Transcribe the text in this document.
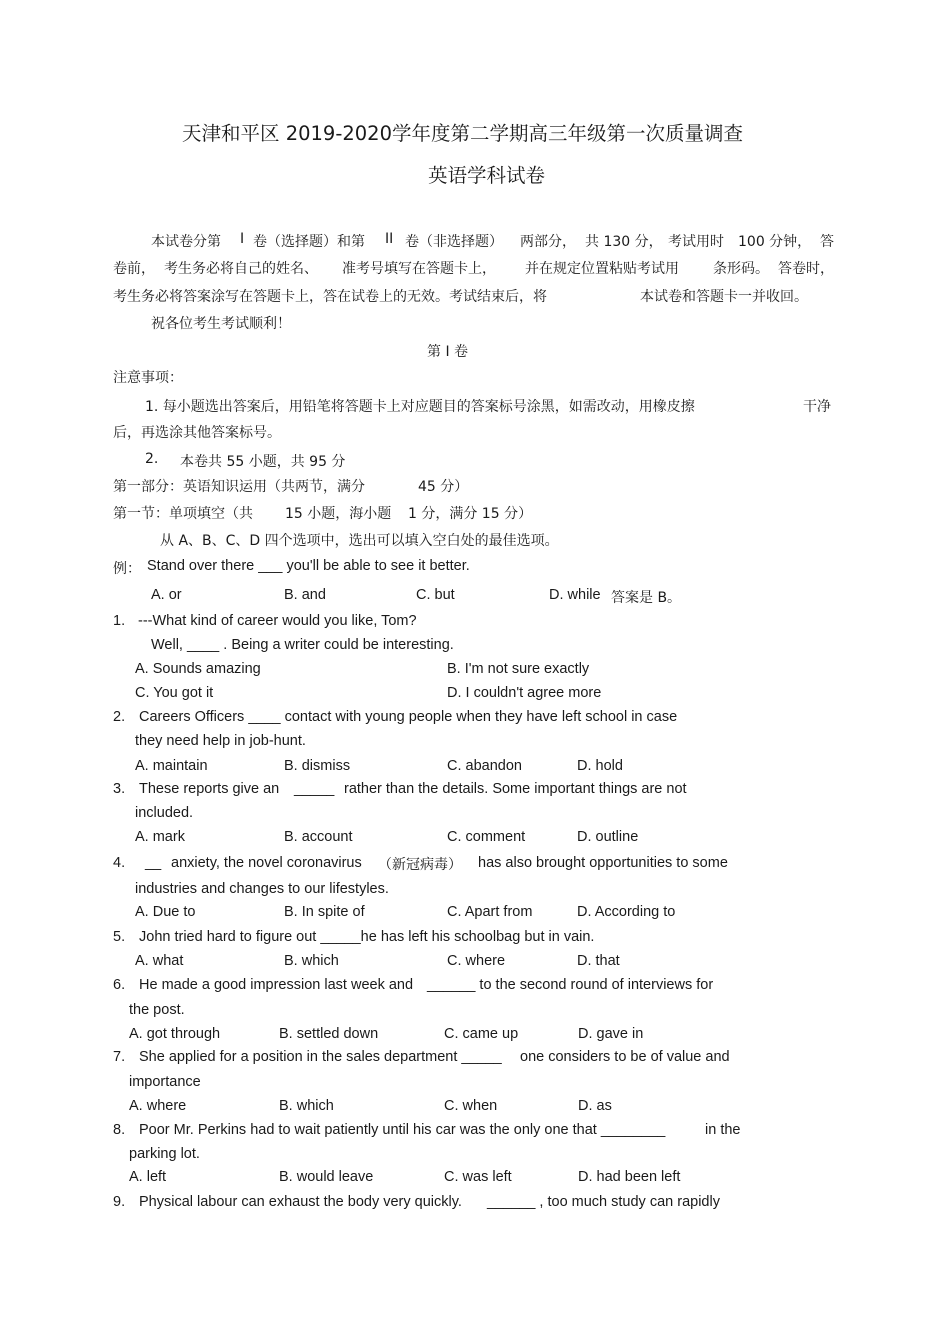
天津和平区 2019-2020学年度第二学期高三年级第一次质量调查
英语学科试卷
本试卷分第 I 卷（选择题）和第 II 卷（非选择题） 两部分， 共 130 分， 考试用时 100 分钟， 答
卷前， 考生务必将自己的姓名、 准考号填写在答题卡上， 并在规定位置粘贴考试用 条形码。 答卷时，
考生务必将答案涂写在答题卡上，答在试卷上的无效。考试结束后，将	本试卷和答题卡一并收回。
祝各位考生考试顺利！
第 I 卷
注意事项：
1. 每小题选出答案后，用铅笔将答题卡上对应题目的答案标号涂黑，如需改动，用橡皮擦	干净
后，再选涂其他答案标号。
2. 本卷共 55 小题，共 95 分
第一部分：英语知识运用（共两节，满分	45 分）
第一节：单项填空（共 15 小题，海小题 1 分，满分 15 分）
从 A、B、C、D 四个选项中，选出可以填入空白处的最佳选项。
例： Stand over there ___ you'll be able to see it better.
A. or	B. and	C. but	D. while 答案是 B。
1. ---What kind of career would you like, Tom?
Well, ____ . Being a writer could be interesting.
A. Sounds amazing	B. I'm not sure exactly
C. You got it	D. I couldn't agree more
2. Careers Officers ____ contact with young people when they have left school in case
they need help in job-hunt.
A. maintain	B. dismiss	C. abandon	D. hold
3. These reports give an _____ rather than the details. Some important things are not
included.
A. mark	B. account	C. comment	D. outline
4. __ anxiety, the novel coronavirus （新冠病毒） has also brought opportunities to some
industries and changes to our lifestyles.
A. Due to	B. In spite of	C. Apart from	D. According to
5. John tried hard to figure out _____he has left his schoolbag but in vain.
A. what	B. which	C. where	D. that
6. He made a good impression last week and ______ to the second round of interviews for
the post.
A. got through	B. settled down	C. came up	D. gave in
7. She applied for a position in the sales department _____ one considers to be of value and
importance
A. where	B. which	C. when	D. as
8. Poor Mr. Perkins had to wait patiently until his car was the only one that ________	in the
parking lot.
A. left	B. would leave	C. was left	D. had been left
9. Physical labour can exhaust the body very quickly. ______ , too much study can rapidly
